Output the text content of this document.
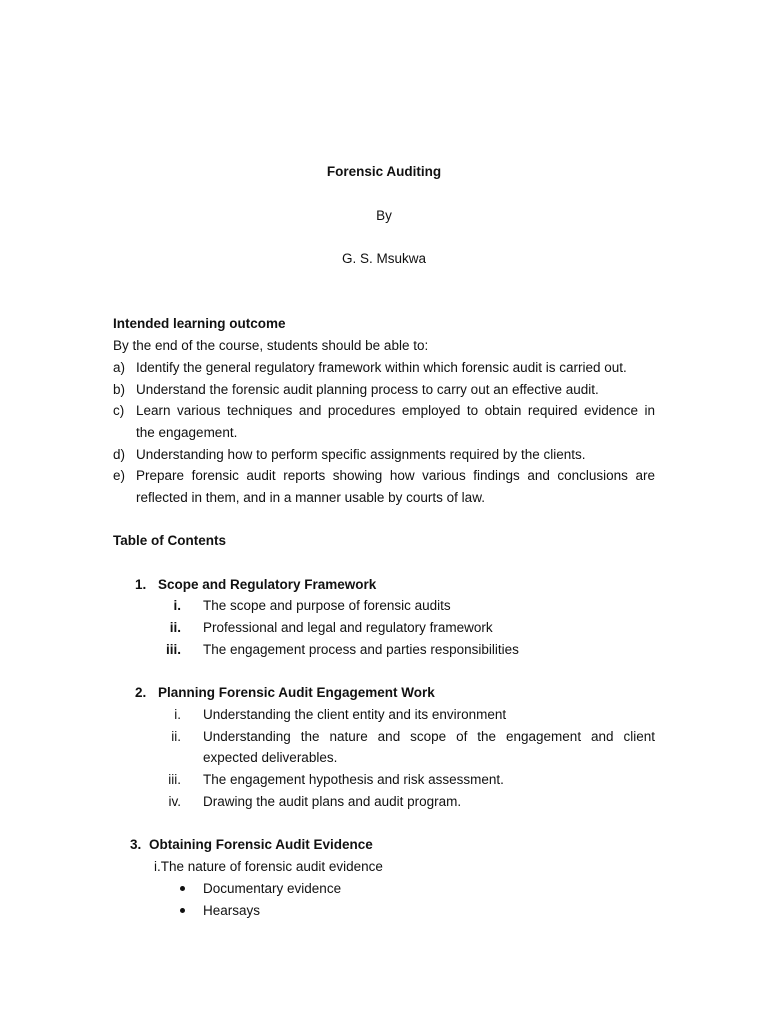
Forensic Auditing
By
G. S. Msukwa
Intended learning outcome
By the end of the course, students should be able to:
a) Identify the general regulatory framework within which forensic audit is carried out.
b) Understand the forensic audit planning process to carry out an effective audit.
c) Learn various techniques and procedures employed to obtain required evidence in
the engagement.
d) Understanding how to perform specific assignments required by the clients.
e) Prepare forensic audit reports showing how various findings and conclusions are
reflected in them, and in a manner usable by courts of law.
Table of Contents
1. Scope and Regulatory Framework
i. The scope and purpose of forensic audits
ii. Professional and legal and regulatory framework
iii. The engagement process and parties responsibilities
2. Planning Forensic Audit Engagement Work
i. Understanding the client entity and its environment
ii. Understanding the nature and scope of the engagement and client
expected deliverables.
iii. The engagement hypothesis and risk assessment.
iv. Drawing the audit plans and audit program.
3. Obtaining Forensic Audit Evidence
i.The nature of forensic audit evidence
Documentary evidence
Hearsays
